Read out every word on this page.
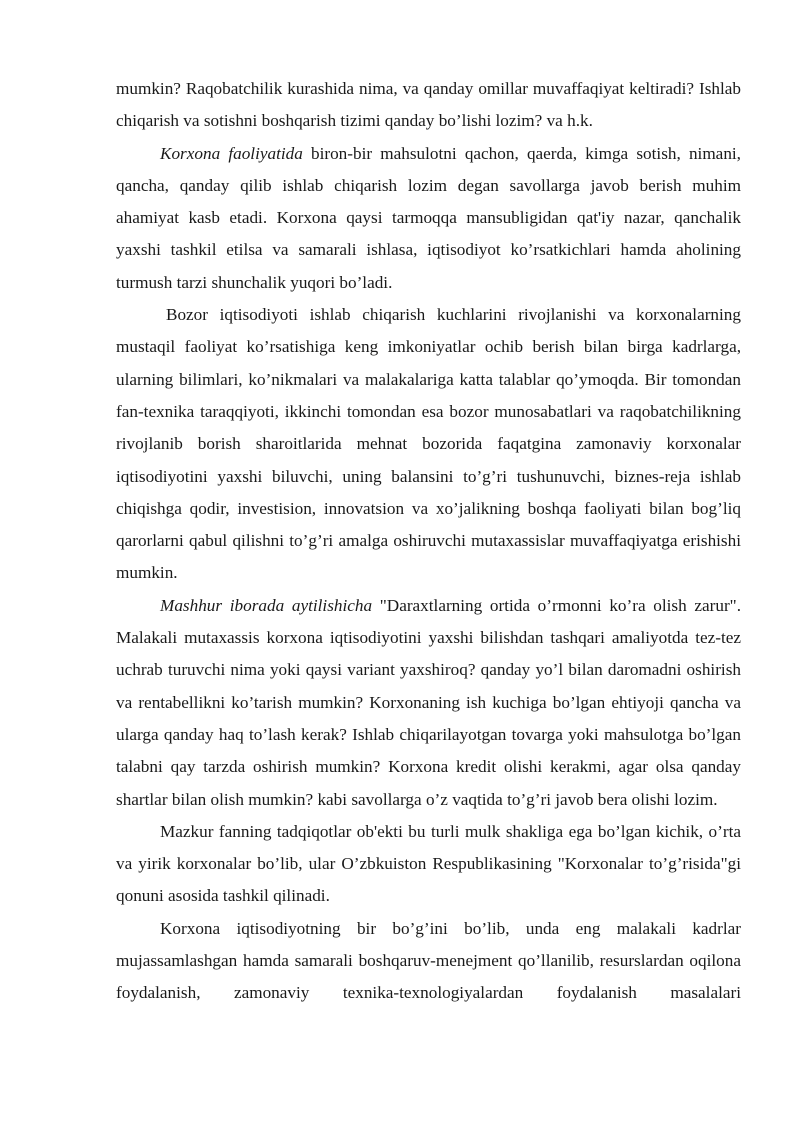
mumkin? Raqobatchilik kurashida nima, va qanday omillar muvaffaqiyat keltiradi? Ishlab chiqarish va sotishni boshqarish tizimi qanday bo’lishi lozim? va h.k.

Korxona faoliyatida biron-bir mahsulotni qachon, qaerda, kimga sotish, nimani, qancha, qanday qilib ishlab chiqarish lozim degan savollarga javob berish muhim ahamiyat kasb etadi. Korxona qaysi tarmoqqa mansubligidan qat'iy nazar, qanchalik yaxshi tashkil etilsa va samarali ishlasa, iqtisodiyot ko’rsatkichlari hamda aholining turmush tarzi shunchalik yuqori bo’ladi.

Bozor iqtisodiyoti ishlab chiqarish kuchlarini rivojlanishi va korxonalarning mustaqil faoliyat ko’rsatishiga keng imkoniyatlar ochib berish bilan birga kadrlarga, ularning bilimlari, ko’nikmalari va malakalariga katta talablar qo’ymoqda. Bir tomondan fan-texnika taraqqiyoti, ikkinchi tomondan esa bozor munosabatlari va raqobatchilikning rivojlanib borish sharoitlarida mehnat bozorida faqatgina zamonaviy korxonalar iqtisodiyotini yaxshi biluvchi, uning balansini to’g’ri tushunuvchi, biznes-reja ishlab chiqishga qodir, investision, innovatsion va xo’jalikning boshqa faoliyati bilan bog’liq qarorlarni qabul qilishni to’g’ri amalga oshiruvchi mutaxassislar muvaffaqiyatga erishishi mumkin.

Mashhur iborada aytilishicha "Daraxtlarning ortida o’rmonni ko’ra olish zarur". Malakali mutaxassis korxona iqtisodiyotini yaxshi bilishdan tashqari amaliyotda tez-tez uchrab turuvchi nima yoki qaysi variant yaxshiroq? qanday yo’l bilan daromadni oshirish va rentabellikni ko’tarish mumkin? Korxonaning ish kuchiga bo’lgan ehtiyoji qancha va ularga qanday haq to’lash kerak? Ishlab chiqarilayotgan tovarga yoki mahsulotga bo’lgan talabni qay tarzda oshirish mumkin? Korxona kredit olishi kerakmi, agar olsa qanday shartlar bilan olish mumkin? kabi savollarga o’z vaqtida to’g’ri javob bera olishi lozim.

Mazkur fanning tadqiqotlar ob'ekti bu turli mulk shakliga ega bo’lgan kichik, o’rta va yirik korxonalar bo’lib, ular O’zbkuiston Respublikasining "Korxonalar to’g’risida"gi qonuni asosida tashkil qilinadi.

Korxona iqtisodiyotning bir bo’g’ini bo’lib, unda eng malakali kadrlar mujassamlashgan hamda samarali boshqaruv-menejment qo’llanilib, resurslardan oqilona foydalanish, zamonaviy texnika-texnologiyalardan foydalanish masalalari
